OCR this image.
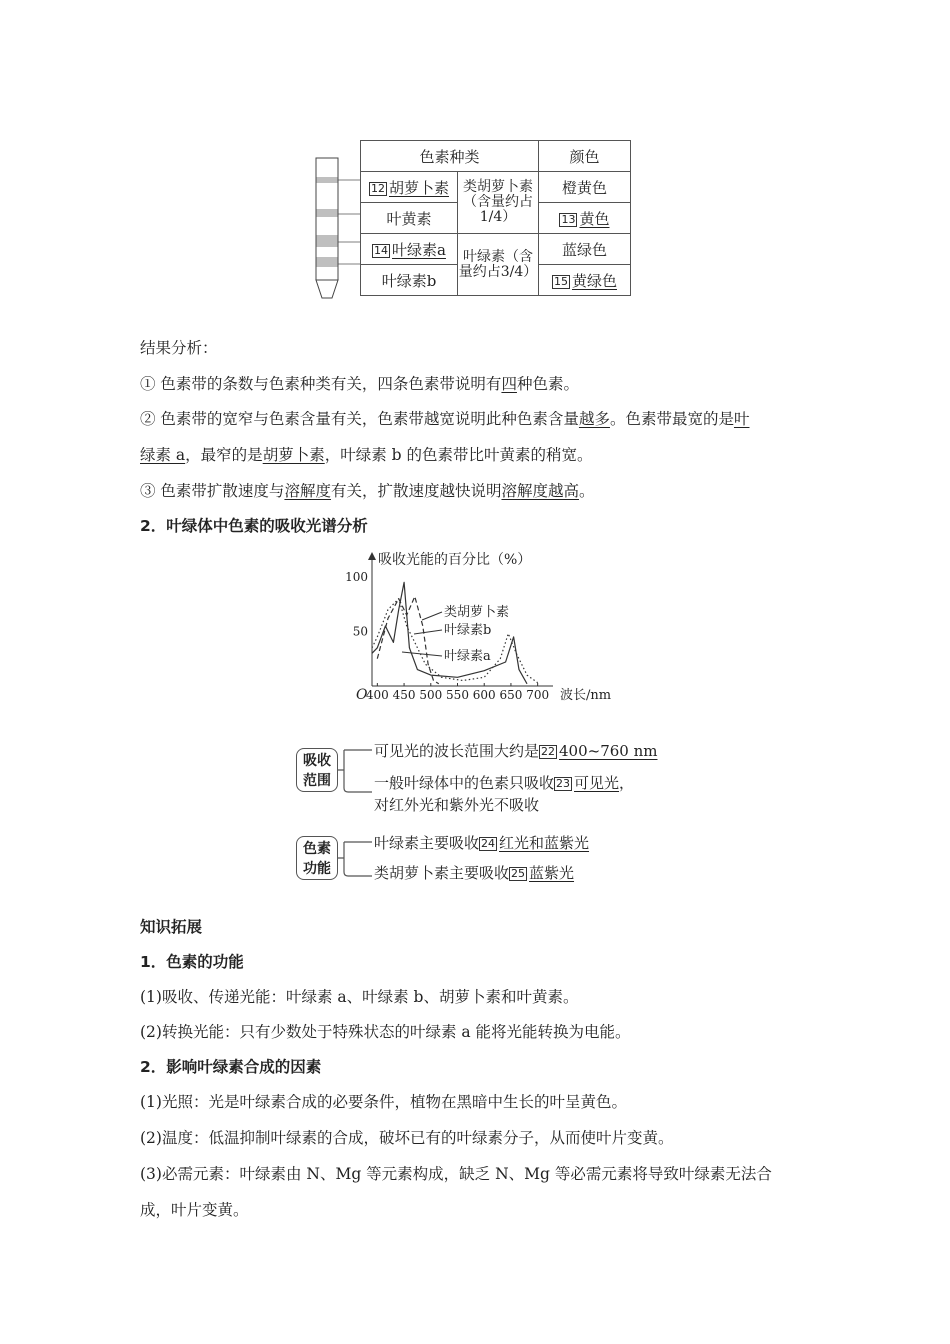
色素种类		颜色
12 胡萝卜素	类胡萝卜素（含量约占1/4）	橙黄色
叶黄素		13 黄色
14 叶绿素a	叶绿素（含量约占3/4）	蓝绿色
叶绿素b		15 黄绿色
结果分析：
① 色素带的条数与色素种类有关，四条色素带说明有四种色素。
② 色素带的宽窄与色素含量有关，色素带越宽说明此种色素含量越多。色素带最宽的是叶
绿素 a，最窄的是胡萝卜素，叶绿素 b 的色素带比叶黄素的稍宽。
③ 色素带扩散速度与溶解度有关，扩散速度越快说明溶解度越高。
2．叶绿体中色素的吸收光谱分析
吸收光能的百分比（%）
O
400 450 500 550 600 650 700
50
100
类胡萝卜素
叶绿素b
叶绿素a
波长/nm
吸收
范围
色素
功能
可见光的波长范围大约是 22 400~760 nm
一般叶绿体中的色素只吸收 23 可见光，
对红外光和紫外光不吸收
叶绿素主要吸收 24 红光和蓝紫光
类胡萝卜素主要吸收 25 蓝紫光
知识拓展
1．色素的功能
(1)吸收、传递光能：叶绿素 a、叶绿素 b、胡萝卜素和叶黄素。
(2)转换光能：只有少数处于特殊状态的叶绿素 a 能将光能转换为电能。
2．影响叶绿素合成的因素
(1)光照：光是叶绿素合成的必要条件，植物在黑暗中生长的叶呈黄色。
(2)温度：低温抑制叶绿素的合成，破坏已有的叶绿素分子，从而使叶片变黄。
(3)必需元素：叶绿素由 N、Mg 等元素构成，缺乏 N、Mg 等必需元素将导致叶绿素无法合
成，叶片变黄。
